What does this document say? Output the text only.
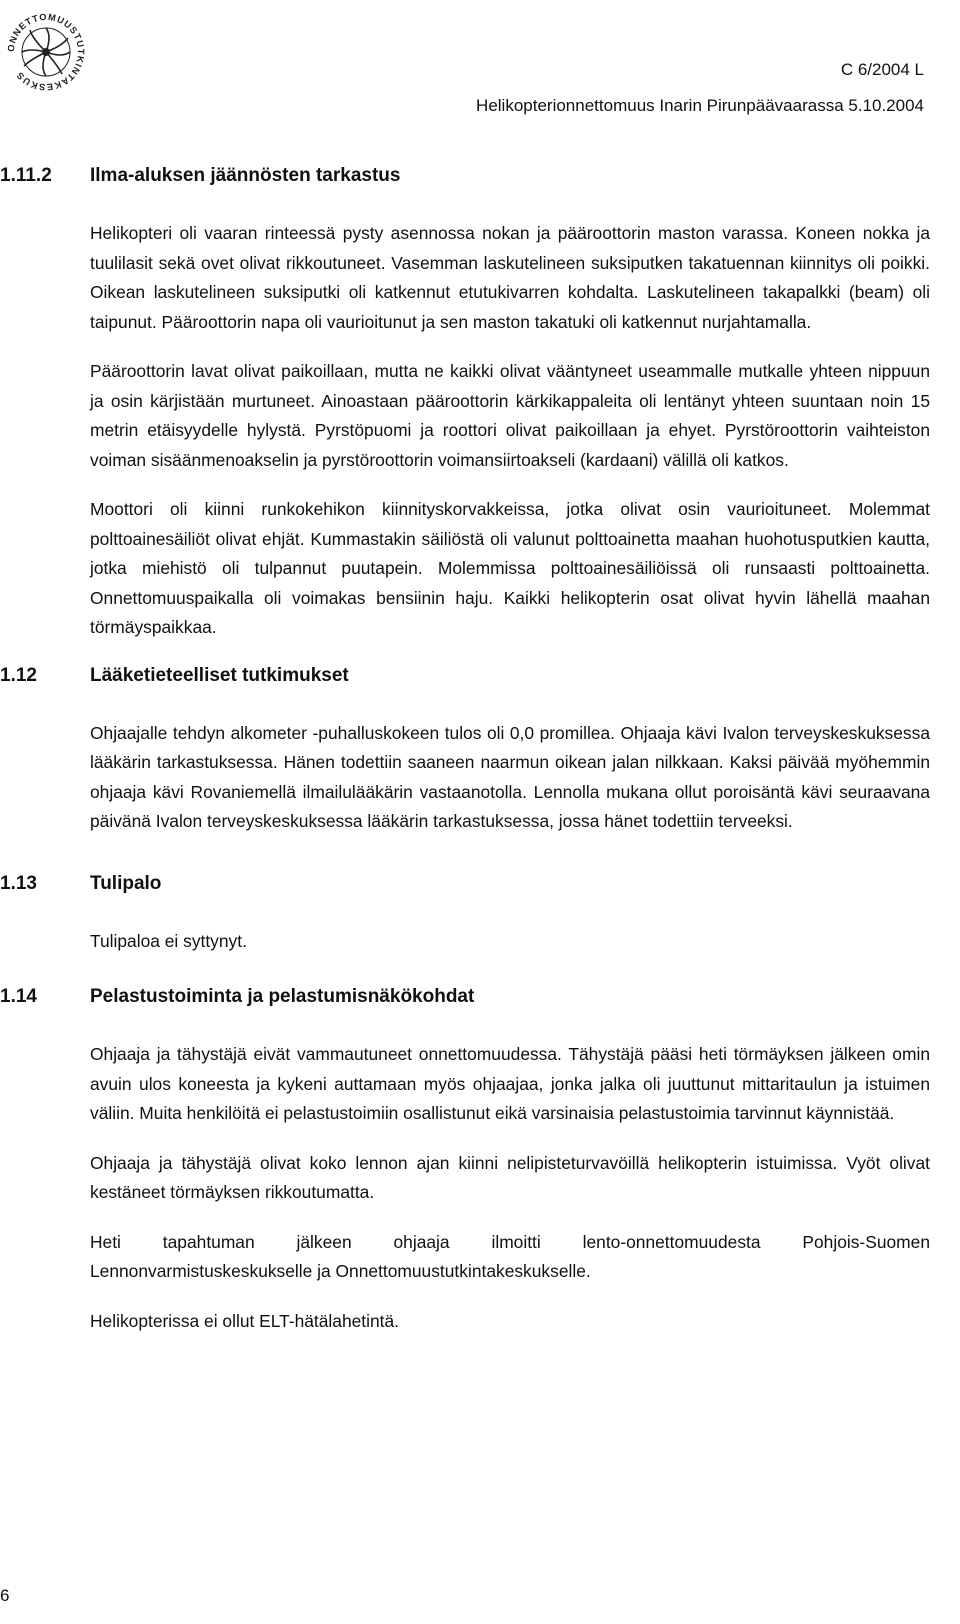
ONNETTOMUUSTUTKINTAKESKUS	C 6/2004 L
Helikopterionnettomuus Inarin Pirunpäävaarassa 5.10.2004
1.11.2	Ilma-aluksen jäännösten tarkastus

Helikopteri oli vaaran rinteessä pysty asennossa nokan ja pääroottorin maston varassa. Koneen nokka ja tuulilasit sekä ovet olivat rikkoutuneet. Vasemman laskutelineen suksiputken takatuennan kiinnitys oli poikki. Oikean laskutelineen suksiputki oli katkennut etutukivarren kohdalta. Laskutelineen takapalkki (beam) oli taipunut. Pääroottorin napa oli vaurioitunut ja sen maston takatuki oli katkennut nurjahtamalla.

Pääroottorin lavat olivat paikoillaan, mutta ne kaikki olivat vääntyneet useammalle mutkalle yhteen nippuun ja osin kärjistään murtuneet. Ainoastaan pääroottorin kärkikappaleita oli lentänyt yhteen suuntaan noin 15 metrin etäisyydelle hylystä. Pyrstöpuomi ja roottori olivat paikoillaan ja ehyet. Pyrstöroottorin vaihteiston voiman sisäänmenoakselin ja pyrstöroottorin voimansiirtoakseli (kardaani) välillä oli katkos.

Moottori oli kiinni runkokehikon kiinnityskorvakkeissa, jotka olivat osin vaurioituneet. Molemmat polttoainesäiliöt olivat ehjät. Kummastakin säiliöstä oli valunut polttoainetta maahan huohotusputkien kautta, jotka miehistö oli tulpannut puutapein. Molemmissa polttoainesäiliöissä oli runsaasti polttoainetta. Onnettomuuspaikalla oli voimakas bensiinin haju. Kaikki helikopterin osat olivat hyvin lähellä maahan törmäyspaikkaa.

1.12	Lääketieteelliset tutkimukset

Ohjaajalle tehdyn alkometer -puhalluskokeen tulos oli 0,0 promillea. Ohjaaja kävi Ivalon terveyskeskuksessa lääkärin tarkastuksessa. Hänen todettiin saaneen naarmun oikean jalan nilkkaan. Kaksi päivää myöhemmin ohjaaja kävi Rovaniemellä ilmailulääkärin vastaanotolla. Lennolla mukana ollut poroisäntä kävi seuraavana päivänä Ivalon terveyskeskuksessa lääkärin tarkastuksessa, jossa hänet todettiin terveeksi.

1.13	Tulipalo

Tulipaloa ei syttynyt.

1.14	Pelastustoiminta ja pelastumisnäkökohdat

Ohjaaja ja tähystäjä eivät vammautuneet onnettomuudessa. Tähystäjä pääsi heti törmäyksen jälkeen omin avuin ulos koneesta ja kykeni auttamaan myös ohjaajaa, jonka jalka oli juuttunut mittaritaulun ja istuimen väliin. Muita henkilöitä ei pelastustoimiin osallistunut eikä varsinaisia pelastustoimia tarvinnut käynnistää.

Ohjaaja ja tähystäjä olivat koko lennon ajan kiinni nelipisteturvavöillä helikopterin istuimissa. Vyöt olivat kestäneet törmäyksen rikkoutumatta.

Heti tapahtuman jälkeen ohjaaja ilmoitti lento-onnettomuudesta Pohjois-Suomen Lennonvarmistuskeskukselle ja Onnettomuustutkintakeskukselle.

Helikopterissa ei ollut ELT-hätälahetintä.

6
